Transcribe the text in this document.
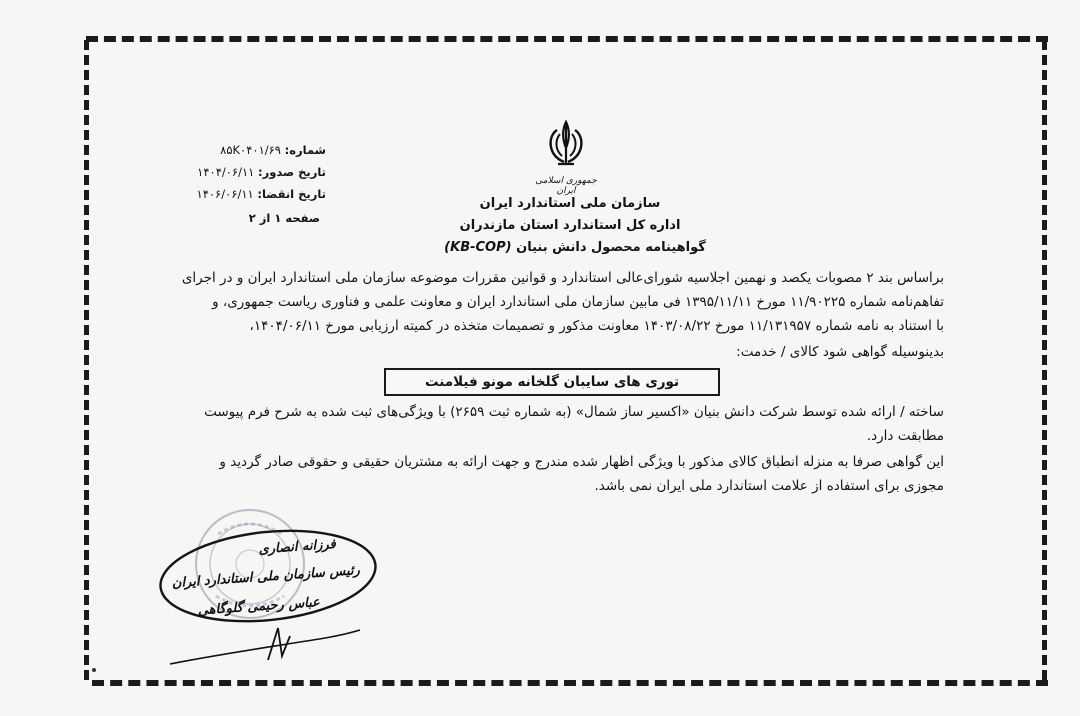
جمهوری اسلامی ایران
سازمان ملی استاندارد ایران
اداره کل استاندارد استان مازندران
گواهینامه محصول دانش بنیان (KB-COP)
شماره: ۸۵K۰۴۰۱/۶۹
تاریخ صدور: ۱۴۰۴/۰۶/۱۱
تاریخ انقضا: ۱۴۰۶/۰۶/۱۱
صفحه ۱ از ۲
براساس بند ۲ مصوبات یکصد و نهمین اجلاسیه شورای‌عالی استاندارد و قوانین مقررات موضوعه سازمان ملی استاندارد ایران و در اجرای
تفاهم‌نامه شماره ۱۱/۹۰۲۲۵ مورخ ۱۳۹۵/۱۱/۱۱ فی مابین سازمان ملی استاندارد ایران و معاونت علمی و فناوری ریاست جمهوری، و
با استناد به نامه شماره ۱۱/۱۳۱۹۵۷ مورخ ۱۴۰۳/۰۸/۲۲ معاونت مذکور و تصمیمات متخذه در کمیته ارزیابی مورخ ۱۴۰۴/۰۶/۱۱،
بدینوسیله گواهی شود کالای / خدمت:
توری های سایبان گلخانه مونو فیلامنت
ساخته / ارائه شده توسط شرکت دانش بنیان «اکسیر ساز شمال» (به شماره ثبت ۲۶۵۹) با ویژگی‌های ثبت شده به شرح فرم پیوست
مطابقت دارد.
این گواهی صرفا به منزله انطباق کالای مذکور با ویژگی اظهار شده مندرج و جهت ارائه به مشتریان حقیقی و حقوقی صادر گردید و
مجوزی برای استفاده از علامت استاندارد ملی ایران نمی باشد.
فرزانه انصاری
رئیس سازمان ملی استاندارد ایران
عباس رحیمی گلوگاهی
